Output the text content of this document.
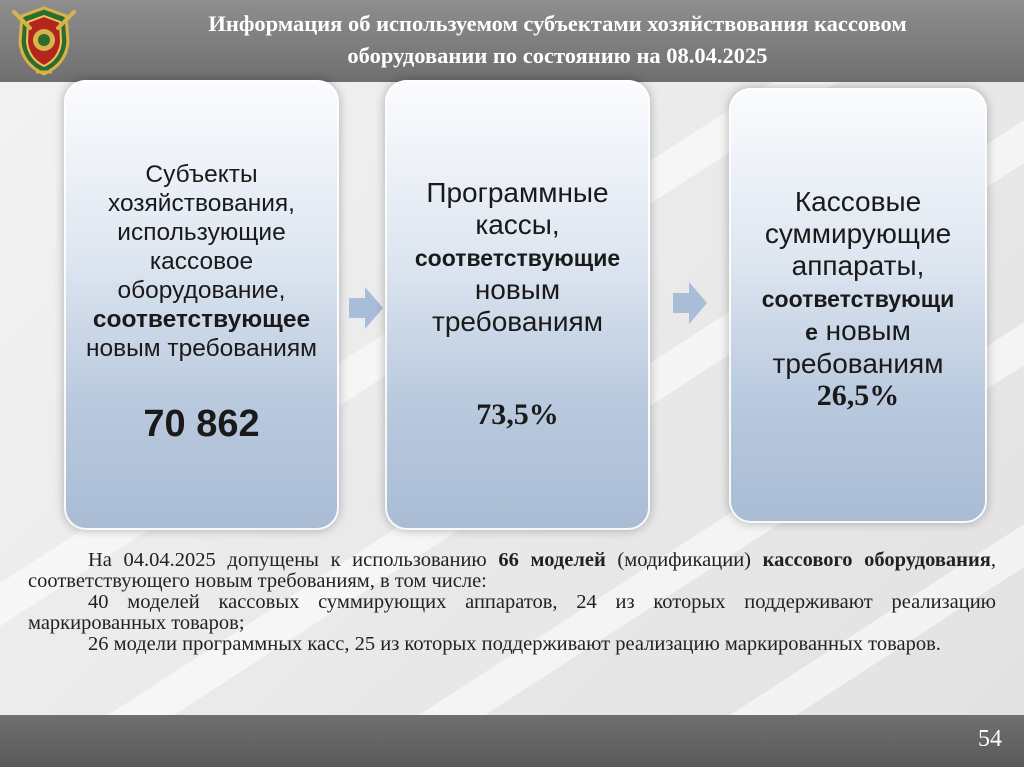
Информация об используемом субъектами хозяйствования кассовом
оборудовании по состоянию на 08.04.2025
Субъекты
хозяйствования,
использующие
кассовое
оборудование,
соответствующее
новым требованиям
70 862
Программные
кассы,
соответствующие
новым
требованиям
73,5%
Кассовые
суммирующие
аппараты,
соответствующи
е новым
требованиям
26,5%

На 04.04.2025 допущены к использованию 66 моделей (модификации) кассового оборудования, соответствующего новым требованиям, в том числе:

40 моделей кассовых суммирующих аппаратов, 24 из которых поддерживают реализацию маркированных товаров;

26 модели программных касс, 25 из которых поддерживают реализацию маркированных товаров.

54
